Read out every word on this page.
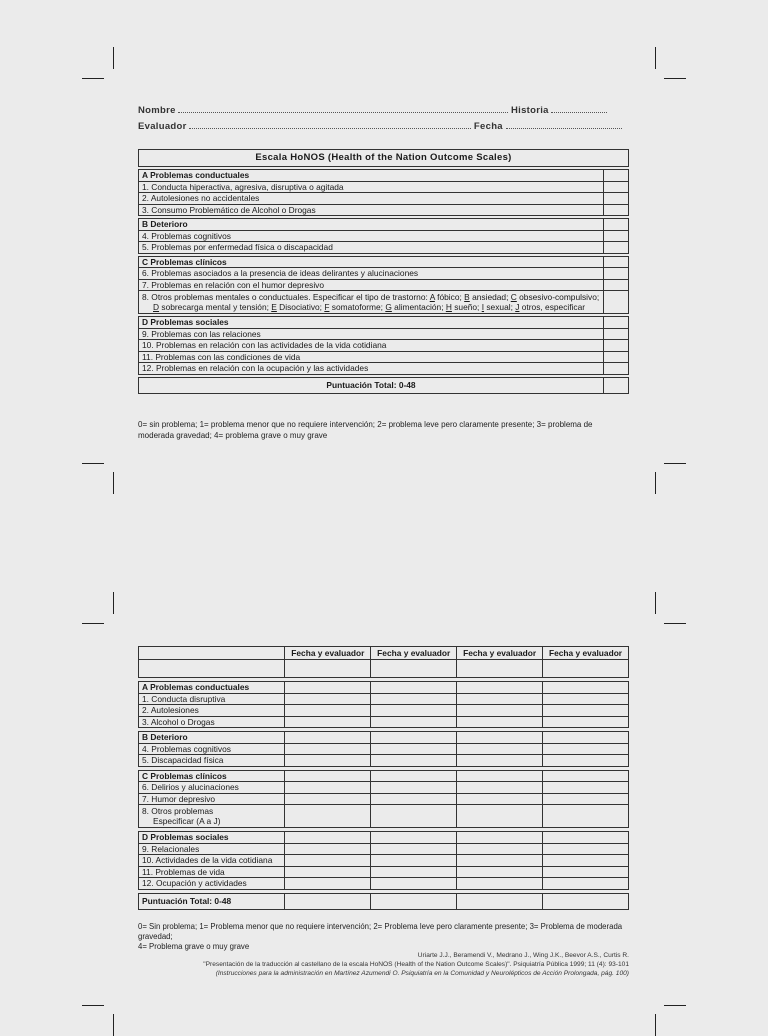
Nombre	Historia
Evaluador	Fecha
Escala HoNOS (Health of the Nation Outcome Scales)	

A Problemas conductuales	
1. Conducta hiperactiva, agresiva, disruptiva o agitada	
2. Autolesiones no accidentales	
3. Consumo Problemático de Alcohol o Drogas	

B Deterioro	
4. Problemas cognitivos	
5. Problemas por enfermedad física o discapacidad	

C Problemas clínicos	
6. Problemas asociados a la presencia de ideas delirantes y alucinaciones	
7. Problemas en relación con el humor depresivo	

8. Otros problemas mentales o conductuales. Especificar el tipo de trastorno: A fóbico; B ansiedad; C obsesivo-compulsivo;
D sobrecarga mental y tensión; E Disociativo; F somatoforme; G alimentación; H sueño; I sexual; J otros, especificar	

D Problemas sociales	
9. Problemas con las relaciones	
10. Problemas en relación con las actividades de la vida cotidiana	
11. Problemas con las condiciones de vida	
12. Problemas en relación con la ocupación y las actividades	

Puntuación Total: 0-48	
0= sin problema; 1= problema menor que no requiere intervención; 2= problema leve pero claramente presente; 3= problema de moderada gravedad; 4= problema grave o muy grave
	Fecha y evaluador	Fecha y evaluador	Fecha y evaluador	Fecha y evaluador

A Problemas conductuales				
1. Conducta disruptiva				
2. Autolesiones				
3. Alcohol o Drogas				

B Deterioro				
4. Problemas cognitivos				
5. Discapacidad física				

C Problemas clínicos				
6. Delirios y alucinaciones				
7. Humor depresivo				

8. Otros problemas
Especificar (A a J)				

D Problemas sociales				
9. Relacionales				
10. Actividades de la vida cotidiana				
11. Problemas de vida				
12. Ocupación y actividades				

Puntuación Total: 0-48				
0= Sin problema; 1= Problema menor que no requiere intervención; 2= Problema leve pero claramente presente; 3= Problema de moderada gravedad;
4= Problema grave o muy grave
Uriarte J.J., Beramendi V., Medrano J., Wing J.K., Beevor A.S., Curtis R.
"Presentación de la traducción al castellano de la escala HoNOS (Health of the Nation Outcome Scales)". Psiquiatría Pública 1999; 11 (4): 93-101
(Instrucciones para la administración en Martínez Azumendi O. Psiquiatría en la Comunidad y Neurolépticos de Acción Prolongada, pág. 100)
